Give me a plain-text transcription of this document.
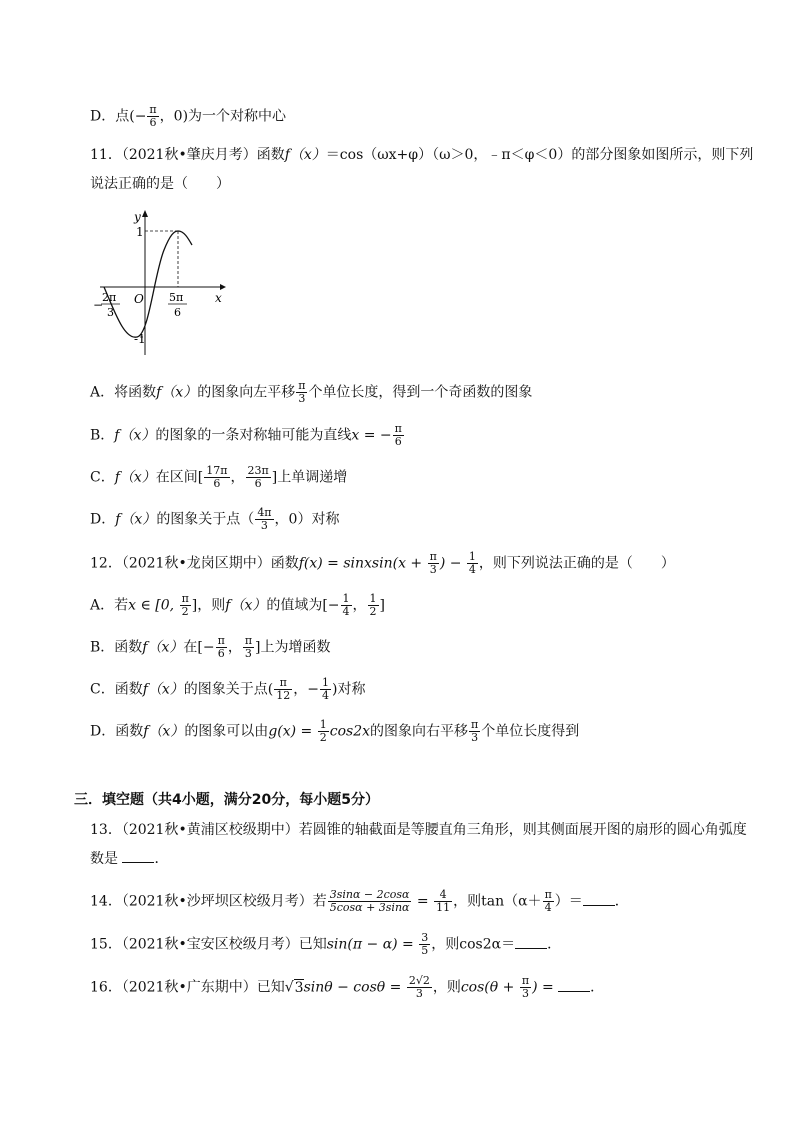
D．点(− $\frac{\pi}{6}$ ，0)为一个对称中心
11．（2021秋•肇庆月考）函数f（x）＝cos（ωx+φ）（ω＞0，﹣π＜φ＜0）的部分图象如图所示，则下列
说法正确的是（　　）
y
x
O
1
-1
−
2π
3
5π
6
A．将函数f（x）的图象向左平移 $\frac{\pi}{3}$ 个单位长度，得到一个奇函数的图象
B．f（x）的图象的一条对称轴可能为直线x = − $\frac{\pi}{6}$
C．f（x）在区间[ $\frac{17\pi}{6}$ ， $\frac{23\pi}{6}$ ]上单调递增
D．f（x）的图象关于点（ $\frac{4\pi}{3}$ ，0）对称
12．（2021秋•龙岗区期中）函数f(x) = sinxsin(x + $\frac{\pi}{3}$ ) − $\frac{1}{4}$ ，则下列说法正确的是（　　）
A．若x ∈ [0, $\frac{\pi}{2}$ ]，则f（x）的值域为[− $\frac{1}{4}$ ， $\frac{1}{2}$ ]
B．函数f（x）在[− $\frac{\pi}{6}$ ， $\frac{\pi}{3}$ ]上为增函数
C．函数f（x）的图象关于点( $\frac{\pi}{12}$ ，− $\frac{1}{4}$ )对称
D．函数f（x）的图象可以由$g(x) = \frac{1}{2} \cos 2x$的图象向右平移 $\frac{\pi}{3}$ 个单位长度得到
三．填空题（共4小题，满分20分，每小题5分）
13．（2021秋•黄浦区校级期中）若圆锥的轴截面是等腰直角三角形，则其侧面展开图的扇形的圆心角弧度
数是	．
14．（2021秋•沙坪坝区校级月考）若 $\frac{3\sin\alpha - 2\cos\alpha}{5\cos\alpha + 3\sin\alpha} = \frac{4}{11}$ ，则$\tan(\alpha+ \frac{\pi}{4}$ ）＝ ．
15．（2021秋•宝安区校级月考）已知$\sin(\pi - \alpha) = \frac{3}{5}$ ，则cos2α＝ ．
16．（2021秋•广东期中）已知$√3\sin\theta - \cos\theta = \frac{2√2}{3}$ ，则$\cos(\theta + \frac{\pi}{3}$ ) = ．
